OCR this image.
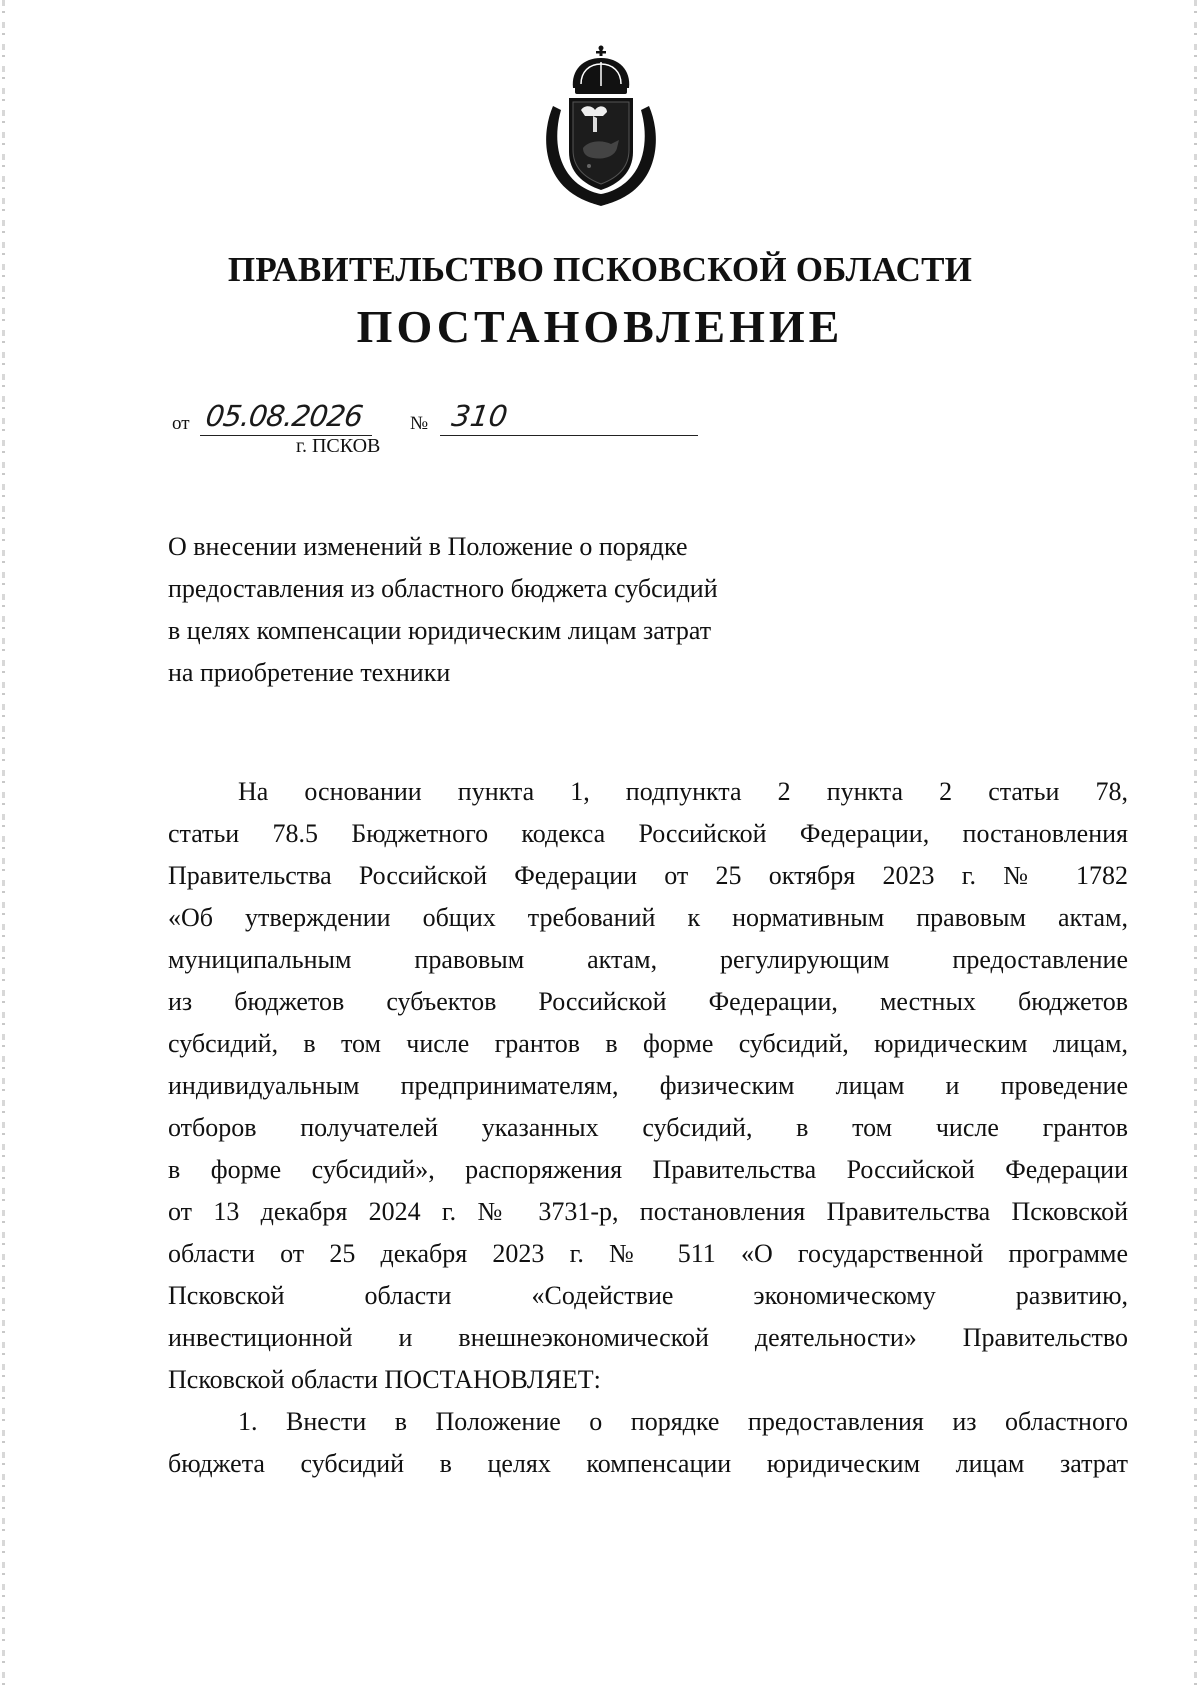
ПРАВИТЕЛЬСТВО ПСКОВСКОЙ ОБЛАСТИ
ПОСТАНОВЛЕНИЕ
от 05.08.2026 № 310
г. ПСКОВ

О внесении изменений в Положение о порядке

предоставления из областного бюджета субсидий

в целях компенсации юридическим лицам затрат

на приобретение техники

На основании пункта 1, подпункта 2 пункта 2 статьи 78,
статьи 78.5 Бюджетного кодекса Российской Федерации, постановления
Правительства Российской Федерации от 25 октября 2023 г. № 1782
«Об утверждении общих требований к нормативным правовым актам,
муниципальным правовым актам, регулирующим предоставление
из бюджетов субъектов Российской Федерации, местных бюджетов
субсидий, в том числе грантов в форме субсидий, юридическим лицам,
индивидуальным предпринимателям, физическим лицам и проведение
отборов получателей указанных субсидий, в том числе грантов
в форме субсидий», распоряжения Правительства Российской Федерации
от 13 декабря 2024 г. № 3731-р, постановления Правительства Псковской
области от 25 декабря 2023 г. № 511 «О государственной программе
Псковской области «Содействие экономическому развитию,
инвестиционной и внешнеэкономической деятельности» Правительство
Псковской области ПОСТАНОВЛЯЕТ:
1. Внести в Положение о порядке предоставления из областного
бюджета субсидий в целях компенсации юридическим лицам затрат
